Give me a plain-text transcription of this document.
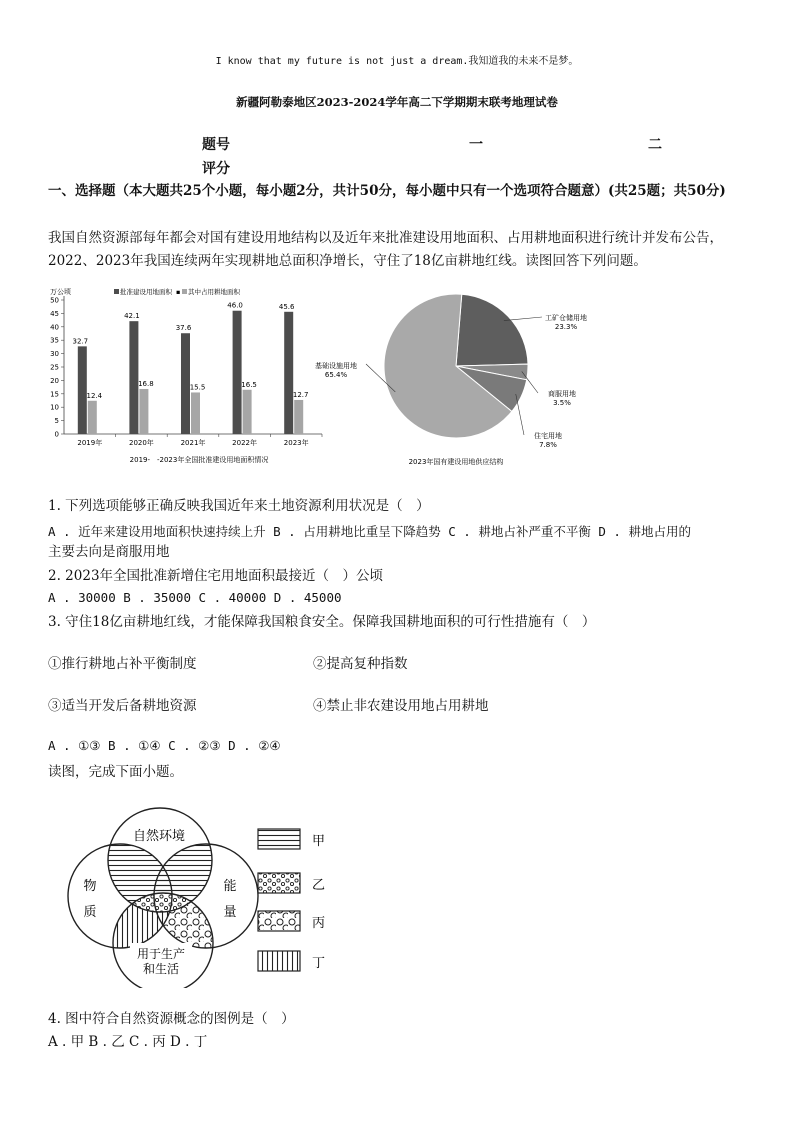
I know that my future is not just a dream.我知道我的未来不是梦。
新疆阿勒泰地区2023-2024学年高二下学期期末联考地理试卷
题号	一	二
评分
一、选择题（本大题共25个小题，每小题2分，共计50分，每小题中只有一个选项符合题意）(共25题；共50分)
我国自然资源部每年都会对国有建设用地结构以及近年来批准建设用地面积、占用耕地面积进行统计并发布公告，2022、2023年我国连续两年实现耕地总面积净增长，守住了18亿亩耕地红线。读图回答下列问题。
万公顷	批准建设用地面积 ▪ 其中占用耕地面积
0
5
10
15
20
25
30
35
40
45
50
2019年
32.7
12.4
2020年
42.1
16.8
2021年
37.6
15.5
2022年
46.0
16.5
2023年
45.6
12.7
2019-　-2023年全国批准建设用地面积情况
基础设施用地
65.4%
工矿仓储用地
23.3%
商服用地
3.5%
住宅用地
7.8%
2023年国有建设用地供应结构
1. 下列选项能够正确反映我国近年来土地资源利用状况是（　）
A . 近年来建设用地面积快速持续上升 B . 占用耕地比重呈下降趋势 C . 耕地占补严重不平衡 D . 耕地占用的
主要去向是商服用地
2. 2023年全国批准新增住宅用地面积最接近（　）公顷
A . 30000 B . 35000 C . 40000 D . 45000
3. 守住18亿亩耕地红线，才能保障我国粮食安全。保障我国耕地面积的可行性措施有（　）
①推行耕地占补平衡制度	②提高复种指数
③适当开发后备耕地资源	④禁止非农建设用地占用耕地
A . ①③ B . ①④ C . ②③ D . ②④
读图，完成下面小题。
自然环境
物
质
能
量
用于生产
和生活
甲
乙
丙
丁
4. 图中符合自然资源概念的图例是（　）
A . 甲 B . 乙 C . 丙 D . 丁
